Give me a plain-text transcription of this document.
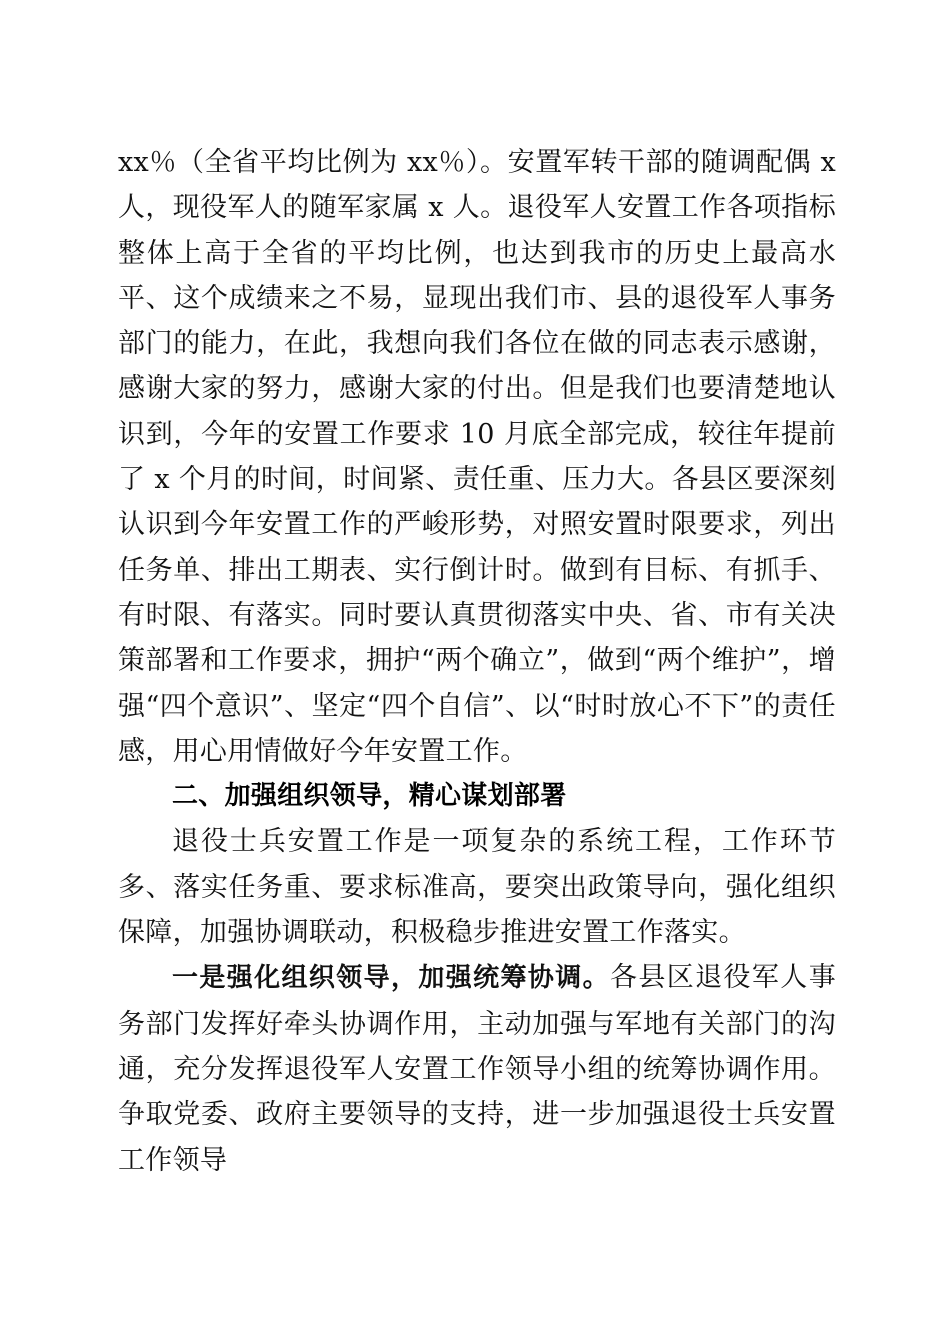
xx％（全省平均比例为 xx％）。安置军转干部的随调配偶 x 人，现役军人的随军家属 x 人。退役军人安置工作各项指标整体上高于全省的平均比例，也达到我市的历史上最高水平、这个成绩来之不易，显现出我们市、县的退役军人事务部门的能力，在此，我想向我们各位在做的同志表示感谢，感谢大家的努力，感谢大家的付出。但是我们也要清楚地认识到，今年的安置工作要求 10 月底全部完成，较往年提前了 x 个月的时间，时间紧、责任重、压力大。各县区要深刻认识到今年安置工作的严峻形势，对照安置时限要求，列出任务单、排出工期表、实行倒计时。做到有目标、有抓手、有时限、有落实。同时要认真贯彻落实中央、省、市有关决策部署和工作要求，拥护“两个确立”，做到“两个维护”，增强“四个意识”、坚定“四个自信”、以“时时放心不下”的责任感，用心用情做好今年安置工作。

二、加强组织领导，精心谋划部署

退役士兵安置工作是一项复杂的系统工程，工作环节多、落实任务重、要求标准高，要突出政策导向，强化组织保障，加强协调联动，积极稳步推进安置工作落实。

一是强化组织领导，加强统筹协调。各县区退役军人事务部门发挥好牵头协调作用，主动加强与军地有关部门的沟通，充分发挥退役军人安置工作领导小组的统筹协调作用。争取党委、政府主要领导的支持，进一步加强退役士兵安置工作领导
